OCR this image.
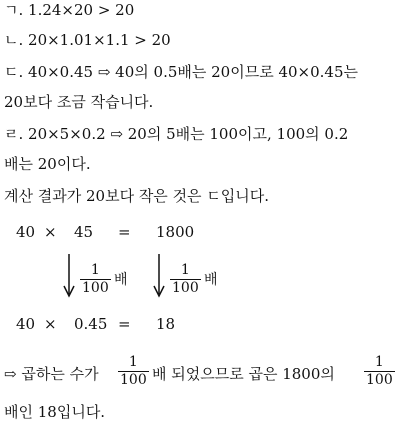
ㄱ. 1.24×20 > 20
ㄴ. 20×1.01×1.1 > 20
ㄷ. 40×0.45 ⇨ 40의 0.5배는 20이므로 40×0.45는
20보다 조금 작습니다.
ㄹ. 20×5×0.2 ⇨ 20의 5배는 100이고, 100의 0.2
배는 20이다.
계산 결과가 20보다 작은 것은 ㄷ입니다.
40 × 45 = 1800
1
100 배
1
100 배
40 × 0.45 = 18
⇨ 곱하는 수가
1
100 배 되었으므로 곱은 1800의
1
100
배인 18입니다.
